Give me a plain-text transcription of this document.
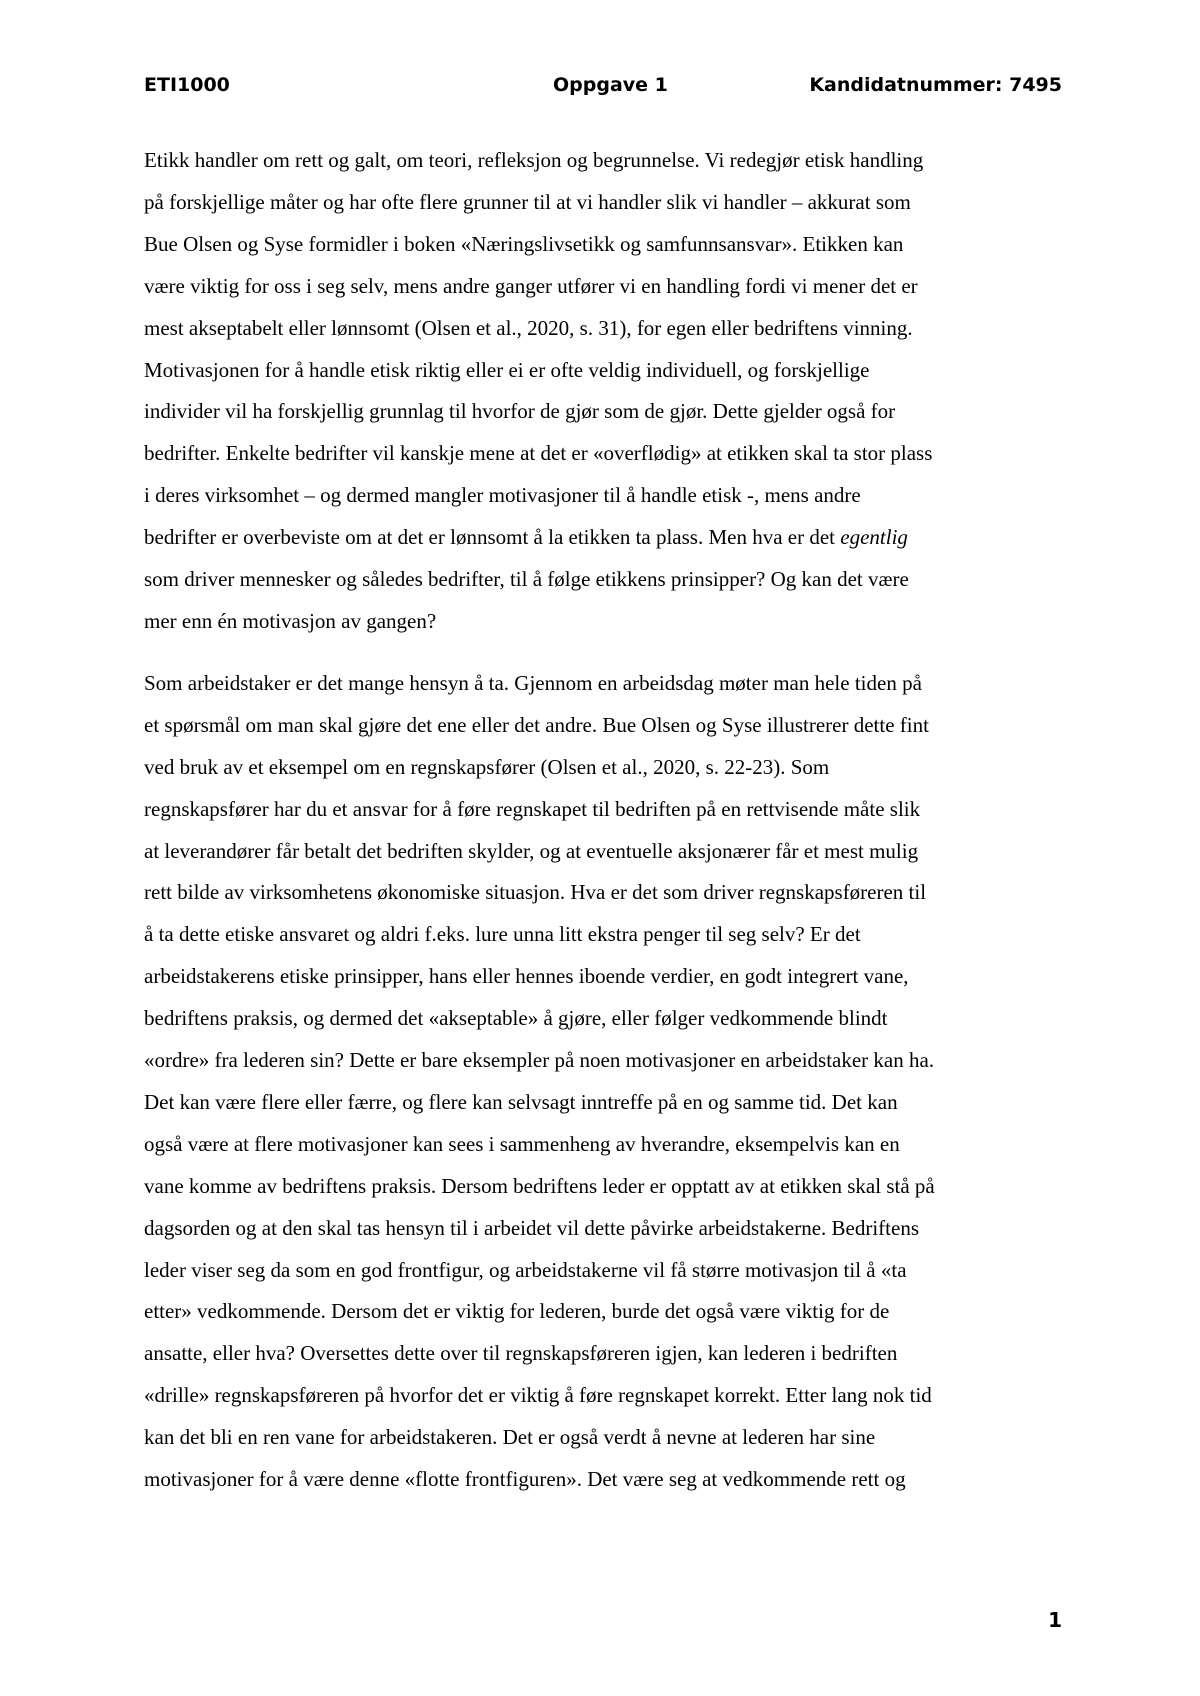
ETI1000	Oppgave 1	Kandidatnummer: 7495

Etikk handler om rett og galt, om teori, refleksjon og begrunnelse. Vi redegjør etisk handling
på forskjellige måter og har ofte flere grunner til at vi handler slik vi handler – akkurat som
Bue Olsen og Syse formidler i boken «Næringslivsetikk og samfunnsansvar». Etikken kan
være viktig for oss i seg selv, mens andre ganger utfører vi en handling fordi vi mener det er
mest akseptabelt eller lønnsomt (Olsen et al., 2020, s. 31), for egen eller bedriftens vinning.
Motivasjonen for å handle etisk riktig eller ei er ofte veldig individuell, og forskjellige
individer vil ha forskjellig grunnlag til hvorfor de gjør som de gjør. Dette gjelder også for
bedrifter. Enkelte bedrifter vil kanskje mene at det er «overflødig» at etikken skal ta stor plass
i deres virksomhet – og dermed mangler motivasjoner til å handle etisk -, mens andre
bedrifter er overbeviste om at det er lønnsomt å la etikken ta plass. Men hva er det egentlig
som driver mennesker og således bedrifter, til å følge etikkens prinsipper? Og kan det være
mer enn én motivasjon av gangen?

Som arbeidstaker er det mange hensyn å ta. Gjennom en arbeidsdag møter man hele tiden på
et spørsmål om man skal gjøre det ene eller det andre. Bue Olsen og Syse illustrerer dette fint
ved bruk av et eksempel om en regnskapsfører (Olsen et al., 2020, s. 22-23). Som
regnskapsfører har du et ansvar for å føre regnskapet til bedriften på en rettvisende måte slik
at leverandører får betalt det bedriften skylder, og at eventuelle aksjonærer får et mest mulig
rett bilde av virksomhetens økonomiske situasjon. Hva er det som driver regnskapsføreren til
å ta dette etiske ansvaret og aldri f.eks. lure unna litt ekstra penger til seg selv? Er det
arbeidstakerens etiske prinsipper, hans eller hennes iboende verdier, en godt integrert vane,
bedriftens praksis, og dermed det «akseptable» å gjøre, eller følger vedkommende blindt
«ordre» fra lederen sin? Dette er bare eksempler på noen motivasjoner en arbeidstaker kan ha.
Det kan være flere eller færre, og flere kan selvsagt inntreffe på en og samme tid. Det kan
også være at flere motivasjoner kan sees i sammenheng av hverandre, eksempelvis kan en
vane komme av bedriftens praksis. Dersom bedriftens leder er opptatt av at etikken skal stå på
dagsorden og at den skal tas hensyn til i arbeidet vil dette påvirke arbeidstakerne. Bedriftens
leder viser seg da som en god frontfigur, og arbeidstakerne vil få større motivasjon til å «ta
etter» vedkommende. Dersom det er viktig for lederen, burde det også være viktig for de
ansatte, eller hva? Oversettes dette over til regnskapsføreren igjen, kan lederen i bedriften
«drille» regnskapsføreren på hvorfor det er viktig å føre regnskapet korrekt. Etter lang nok tid
kan det bli en ren vane for arbeidstakeren. Det er også verdt å nevne at lederen har sine
motivasjoner for å være denne «flotte frontfiguren». Det være seg at vedkommende rett og

1
